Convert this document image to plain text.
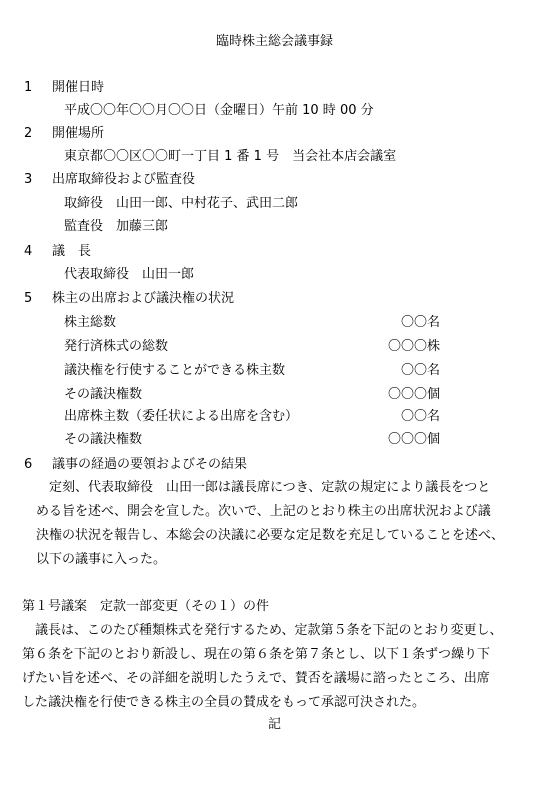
臨時株主総会議事録
1 開催日時
平成〇〇年〇〇月〇〇日（金曜日）午前 10 時 00 分
2 開催場所
東京都〇〇区〇〇町一丁目 1 番 1 号　当会社本店会議室
3 出席取締役および監査役
取締役　山田一郎、中村花子、武田二郎
監査役　加藤三郎
4 議　長
代表取締役　山田一郎
5 株主の出席および議決権の状況
株主総数	〇〇名
発行済株式の総数	〇〇〇株
議決権を行使することができる株主数	〇〇名
その議決権数	〇〇〇個
出席株主数（委任状による出席を含む）	〇〇名
その議決権数	〇〇〇個
6 議事の経過の要領およびその結果
定刻、代表取締役　山田一郎は議長席につき、定款の規定により議長をつと
める旨を述べ、開会を宣した。次いで、上記のとおり株主の出席状況および議
決権の状況を報告し、本総会の決議に必要な定足数を充足していることを述べ、
以下の議事に入った。
第１号議案　定款一部変更（その１）の件
議長は、このたび種類株式を発行するため、定款第５条を下記のとおり変更し、
第６条を下記のとおり新設し、現在の第６条を第７条とし、以下１条ずつ繰り下
げたい旨を述べ、その詳細を説明したうえで、賛否を議場に諮ったところ、出席
した議決権を行使できる株主の全員の賛成をもって承認可決された。
記
